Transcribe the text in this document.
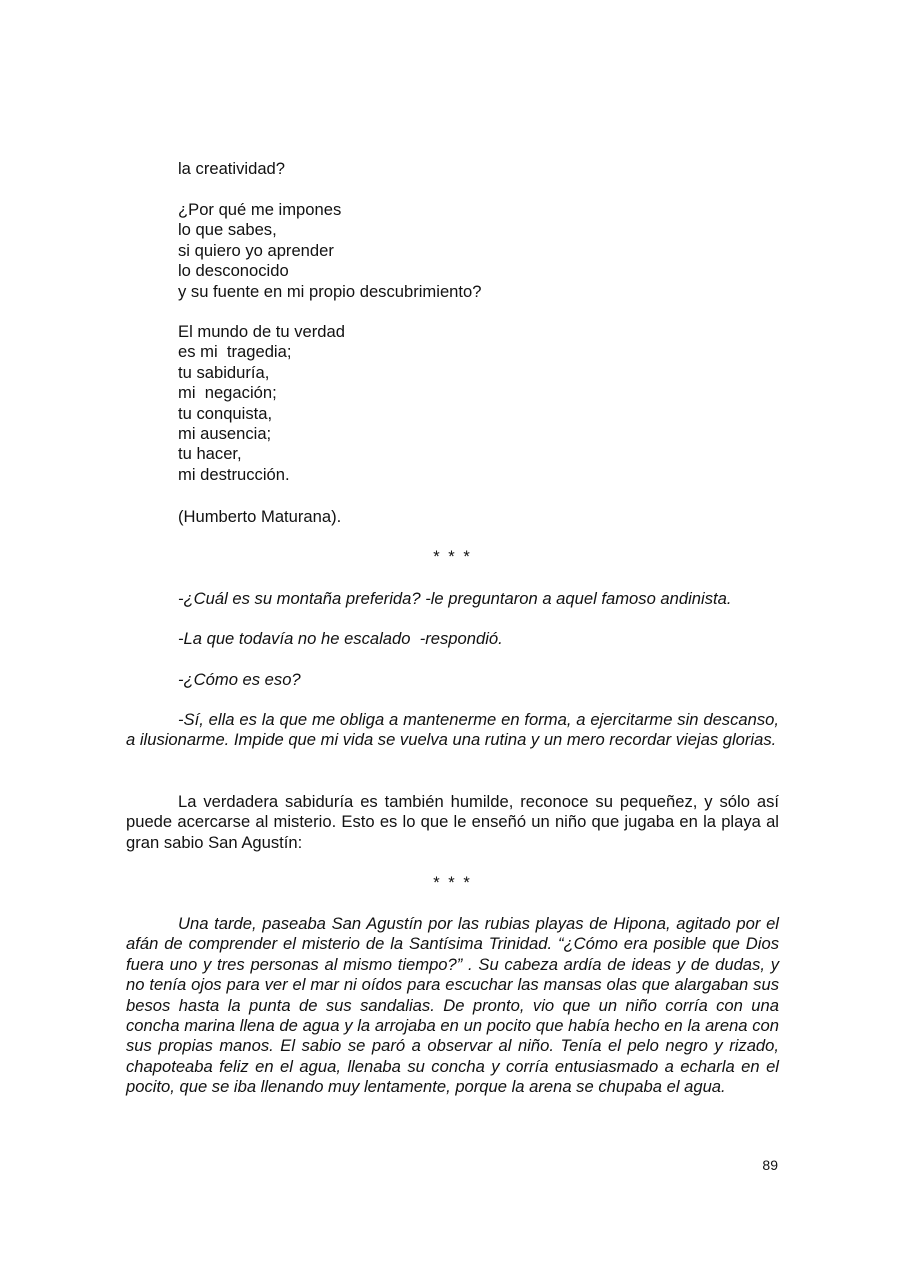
la creatividad?
¿Por qué me impones
lo que sabes,
si quiero yo aprender
lo desconocido
y su fuente en mi propio descubrimiento?
El mundo de tu verdad
es mi  tragedia;
tu sabiduría,
mi  negación;
tu conquista,
mi ausencia;
tu hacer,
mi destrucción.
(Humberto Maturana).
* * *
-¿Cuál es su montaña preferida? -le preguntaron a aquel famoso andinista.
-La que todavía no he escalado  -respondió.
-¿Cómo es eso?

-Sí, ella es la que me obliga a mantenerme en forma, a ejercitarme sin descanso, a ilusionarme. Impide que mi vida se vuelva una rutina y un mero recordar viejas glorias.

La verdadera sabiduría es también humilde, reconoce su pequeñez, y sólo así puede acercarse al misterio. Esto es lo que le enseñó un niño que jugaba en la playa al gran sabio San Agustín:

* * *

Una tarde, paseaba San Agustín por las rubias playas de Hipona, agitado por el afán de comprender el misterio de la Santísima Trinidad. “¿Cómo era posible que Dios fuera uno y tres personas al mismo tiempo?” . Su cabeza ardía de ideas y de dudas, y no tenía ojos para ver el mar ni oídos para escuchar las mansas olas que alargaban sus besos hasta la punta de sus sandalias. De pronto, vio que un niño corría con una concha marina llena de agua y la arrojaba en un pocito que había hecho en la arena con sus propias manos. El sabio se paró a observar al niño. Tenía el pelo negro y rizado, chapoteaba feliz en el agua, llenaba su concha y corría entusiasmado a echarla en el pocito, que se iba llenando muy lentamente, porque la arena se chupaba el agua.

89
